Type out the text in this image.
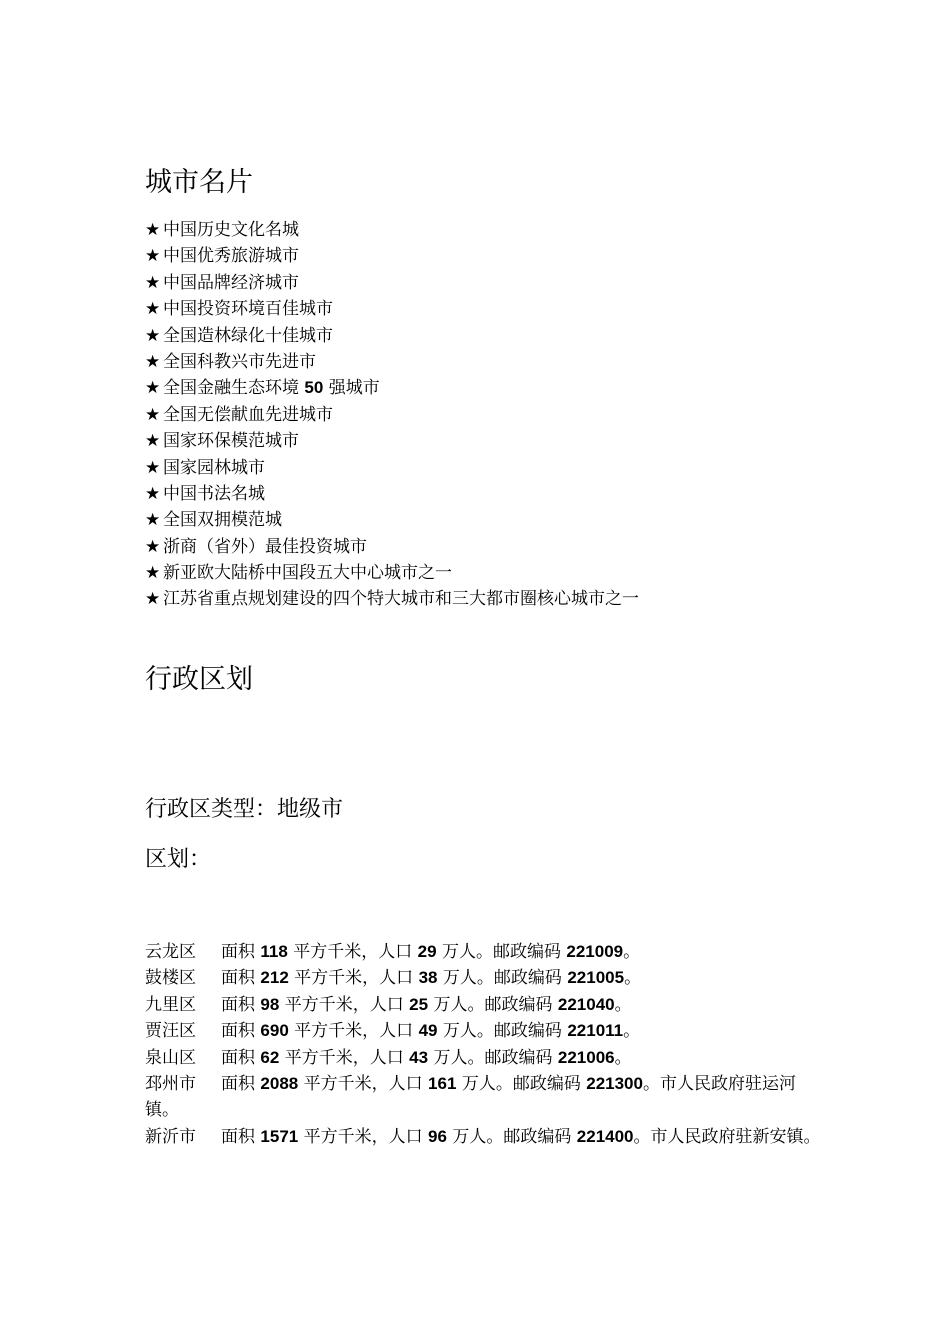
城市名片
★ 中国历史文化名城
★ 中国优秀旅游城市
★ 中国品牌经济城市
★ 中国投资环境百佳城市
★ 全国造林绿化十佳城市
★ 全国科教兴市先进市
★ 全国金融生态环境 50 强城市
★ 全国无偿献血先进城市
★ 国家环保模范城市
★ 国家园林城市
★ 中国书法名城
★ 全国双拥模范城
★ 浙商（省外）最佳投资城市
★ 新亚欧大陆桥中国段五大中心城市之一
★ 江苏省重点规划建设的四个特大城市和三大都市圈核心城市之一
行政区划

行政区类型：地级市

区划：

云龙区 面积 118 平方千米，人口 29 万人。邮政编码 221009。
鼓楼区 面积 212 平方千米，人口 38 万人。邮政编码 221005。
九里区 面积 98 平方千米，人口 25 万人。邮政编码 221040。
贾汪区 面积 690 平方千米，人口 49 万人。邮政编码 221011。
泉山区 面积 62 平方千米，人口 43 万人。邮政编码 221006。
邳州市 面积 2088 平方千米，人口 161 万人。邮政编码 221300。市人民政府驻运河镇。
新沂市 面积 1571 平方千米，人口 96 万人。邮政编码 221400。市人民政府驻新安镇。
